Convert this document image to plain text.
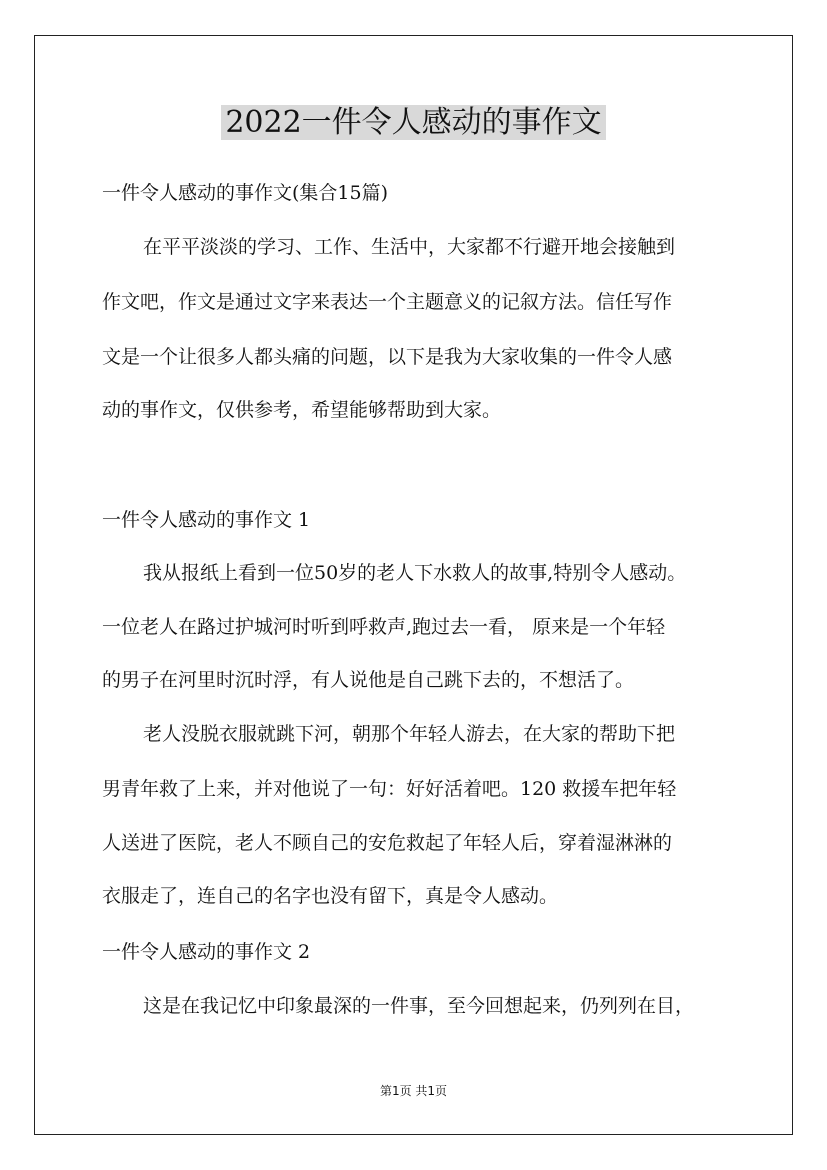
2022一件令人感动的事作文
一件令人感动的事作文(集合15篇)
在平平淡淡的学习、工作、生活中，大家都不行避开地会接触到
作文吧，作文是通过文字来表达一个主题意义的记叙方法。信任写作
文是一个让很多人都头痛的问题，以下是我为大家收集的一件令人感
动的事作文，仅供参考，希望能够帮助到大家。
一件令人感动的事作文 1
我从报纸上看到一位50岁的老人下水救人的故事,特别令人感动。
一位老人在路过护城河时听到呼救声,跑过去一看， 原来是一个年轻
的男子在河里时沉时浮，有人说他是自己跳下去的，不想活了。
老人没脱衣服就跳下河，朝那个年轻人游去，在大家的帮助下把
男青年救了上来，并对他说了一句：好好活着吧。120 救援车把年轻
人送进了医院，老人不顾自己的安危救起了年轻人后，穿着湿淋淋的
衣服走了，连自己的名字也没有留下，真是令人感动。
一件令人感动的事作文 2
这是在我记忆中印象最深的一件事，至今回想起来，仍列列在目，
第1页 共1页
